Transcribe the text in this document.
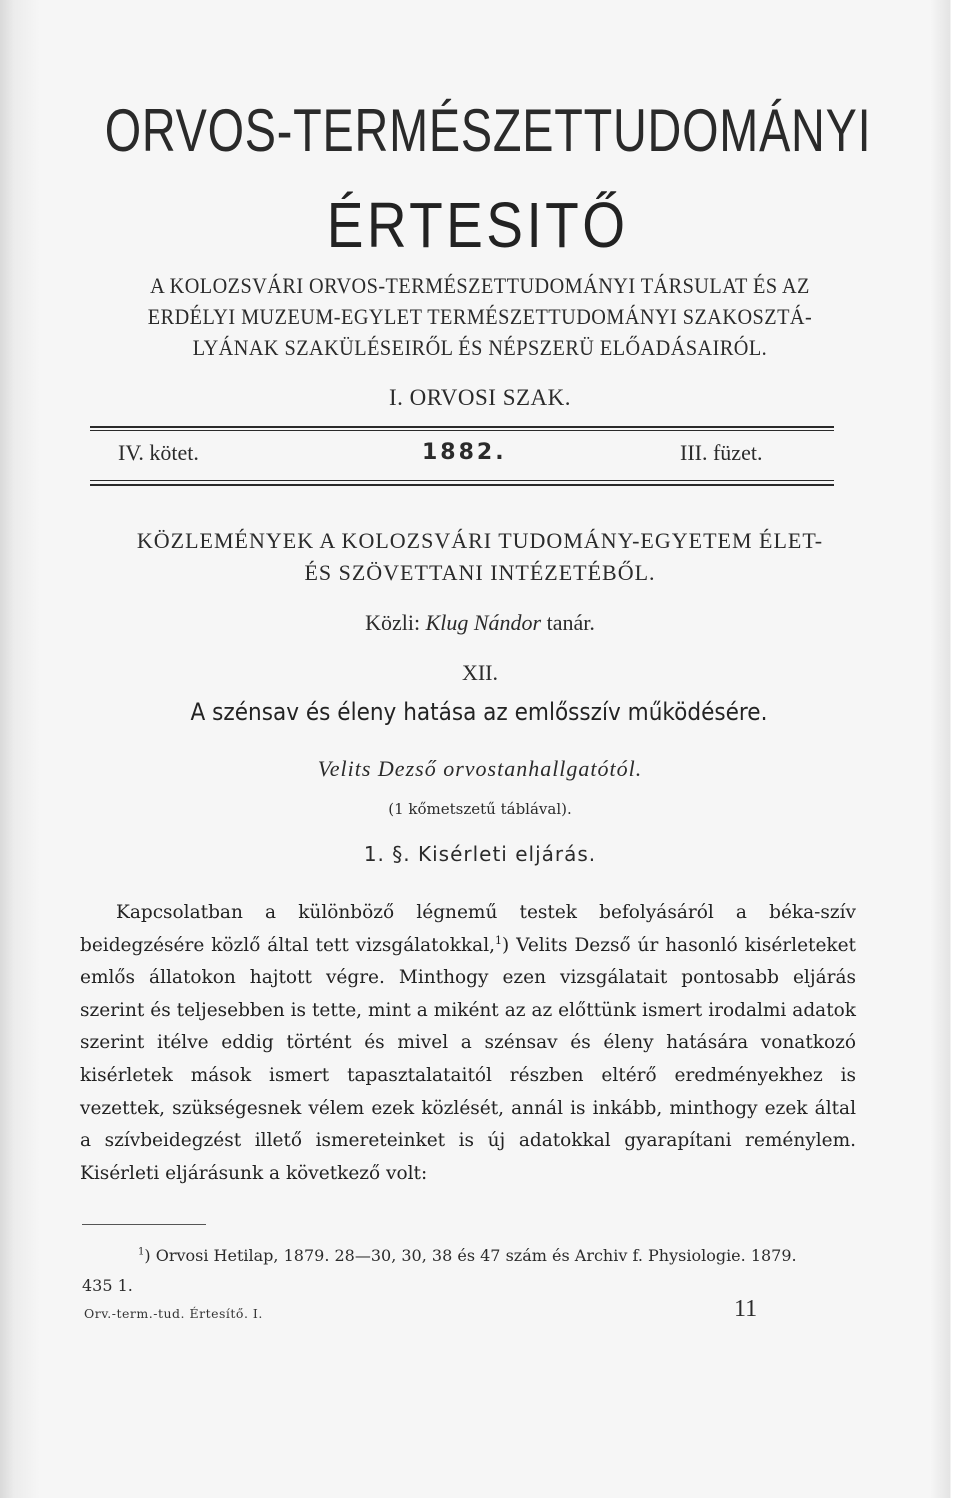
ORVOS-TERMÉSZETTUDOMÁNYI
ÉRTESITŐ
A KOLOZSVÁRI ORVOS-TERMÉSZETTUDOMÁNYI TÁRSULAT ÉS AZ
ERDÉLYI MUZEUM-EGYLET TERMÉSZETTUDOMÁNYI SZAKOSZTÁ-
LYÁNAK SZAKÜLÉSEIRŐL ÉS NÉPSZERÜ ELŐADÁSAIRÓL.
I. ORVOSI SZAK.
IV. kötet.	1882.	III. füzet.
KÖZLEMÉNYEK A KOLOZSVÁRI TUDOMÁNY-EGYETEM ÉLET-
ÉS SZÖVETTANI INTÉZETÉBŐL.
Közli: Klug Nándor tanár.
XII.
A szénsav és éleny hatása az emlősszív működésére.
Velits Dezső orvostanhallgatótól.
(1 kőmetszetű táblával).
1. §. Kisérleti eljárás.
Kapcsolatban a különböző légnemű testek befolyásáról a béka-szív beidegzésére közlő által tett vizsgálatokkal,$^1$) Velits Dezső úr hasonló kisérleteket emlős állatokon hajtott végre. Minthogy ezen vizsgálatait pontosabb eljárás szerint és teljesebben is tette, mint a miként az az előttünk ismert irodalmi adatok szerint itélve eddig történt és mivel a szénsav és éleny hatására vonatkozó kisérletek mások ismert tapasztalataitól részben eltérő eredményekhez is vezettek, szükségesnek vélem ezek közlését, annál is inkább, minthogy ezek által a szívbeidegzést illető ismereteinket is új adatokkal gyarapítani reménylem. Kisérleti eljárásunk a következő volt:
$^1$) Orvosi Hetilap, 1879. 28—30, 30, 38 és 47 szám és Archiv f. Physiologie. 1879. 435 1.
Orv.-term.-tud. Értesítő. I.	11
